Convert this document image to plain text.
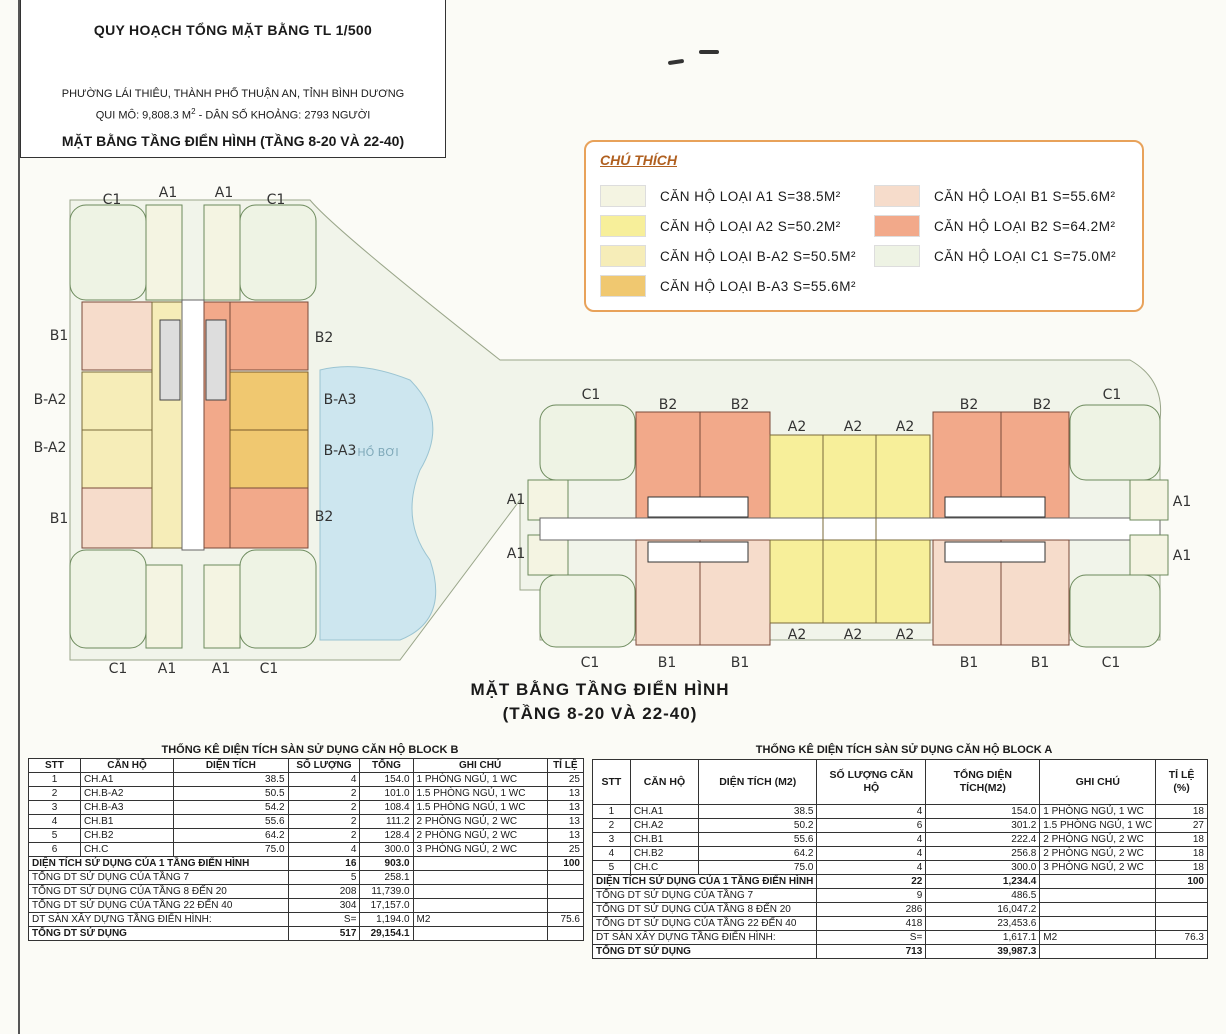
QUY HOẠCH TỔNG MẶT BẰNG TL 1/500
PHƯỜNG LÁI THIÊU, THÀNH PHỐ THUẬN AN, TỈNH BÌNH DƯƠNG
QUI MÔ: 9,808.3 $M^2$ - DÂN SỐ KHOẢNG: 2793 NGƯỜI
MẶT BẰNG TẦNG ĐIỂN HÌNH (TẦNG 8-20 VÀ 22-40)
CHÚ THÍCH
CĂN HỘ LOẠI A1 S=38.5M²
CĂN HỘ LOẠI A2 S=50.2M²
CĂN HỘ LOẠI B-A2 S=50.5M²
CĂN HỘ LOẠI B-A3 S=55.6M²
CĂN HỘ LOẠI B1 S=55.6M²
CĂN HỘ LOẠI B2 S=64.2M²
CĂN HỘ LOẠI C1 S=75.0M²
C1	A1	A1 C1
B1
B-A2
B-A2
B1
B2
B-A3
B-A3
B2
C1 A1	A1 C1
HỒ BƠI
C1
B2	B2
A2	A2 A2
B2	B2
C1
A1
A1
A1
A1
C1	B1	B1
A2	A2 A2
B1	B1	C1
MẶT BẰNG TẦNG ĐIỂN HÌNH
(TẦNG 8-20 VÀ 22-40)
THỐNG KÊ DIỆN TÍCH SÀN SỬ DỤNG CĂN HỘ BLOCK B
STT	CĂN HỘ	DIỆN TÍCH	SỐ LƯỢNG	TỔNG	GHI CHÚ	TỈ LỆ
1	CH.A1	38.5	4	154.0	1 PHÒNG NGỦ, 1 WC	25
2	CH.B-A2	50.5	2	101.0	1.5 PHÒNG NGỦ, 1 WC	13
3	CH.B-A3	54.2	2	108.4	1.5 PHÒNG NGỦ, 1 WC	13
4	CH.B1	55.6	2	111.2	2 PHÒNG NGỦ, 2 WC	13
5	CH.B2	64.2	2	128.4	2 PHÒNG NGỦ, 2 WC	13
6	CH.C	75.0	4	300.0	3 PHÒNG NGỦ, 2 WC	25
DIỆN TÍCH SỬ DỤNG CỦA 1 TẦNG ĐIỂN HÌNH			16	903.0		100
TỔNG DT SỬ DỤNG CỦA TẦNG 7			5	258.1		
TỔNG DT SỬ DỤNG CỦA TẦNG 8 ĐẾN 20			208	11,739.0		
TỔNG DT SỬ DỤNG CỦA TẦNG 22 ĐẾN 40			304	17,157.0		
DT SÀN XÂY DỰNG TẦNG ĐIỂN HÌNH:			S=	1,194.0	M2	75.6
TỔNG DT SỬ DỤNG			517	29,154.1		
THỐNG KÊ DIỆN TÍCH SÀN SỬ DỤNG CĂN HỘ BLOCK A
STT	CĂN HỘ	DIỆN TÍCH (M2)	SỐ LƯỢNG CĂN HỘ	TỔNG DIỆN TÍCH(M2)	GHI CHÚ	TỈ LỆ (%)
1	CH.A1	38.5	4	154.0	1 PHÒNG NGỦ, 1 WC	18
2	CH.A2	50.2	6	301.2	1.5 PHÒNG NGỦ, 1 WC	27
3	CH.B1	55.6	4	222.4	2 PHÒNG NGỦ, 2 WC	18
4	CH.B2	64.2	4	256.8	2 PHÒNG NGỦ, 2 WC	18
5	CH.C	75.0	4	300.0	3 PHÒNG NGỦ, 2 WC	18
DIỆN TÍCH SỬ DỤNG CỦA 1 TẦNG ĐIỂN HÌNH			22	1,234.4		100
TỔNG DT SỬ DỤNG CỦA TẦNG 7			9	486.5		
TỔNG DT SỬ DỤNG CỦA TẦNG 8 ĐẾN 20			286	16,047.2		
TỔNG DT SỬ DỤNG CỦA TẦNG 22 ĐẾN 40			418	23,453.6		
DT SÀN XÂY DỰNG TẦNG ĐIỂN HÌNH:			S=	1,617.1	M2	76.3
TỔNG DT SỬ DỤNG			713	39,987.3		
